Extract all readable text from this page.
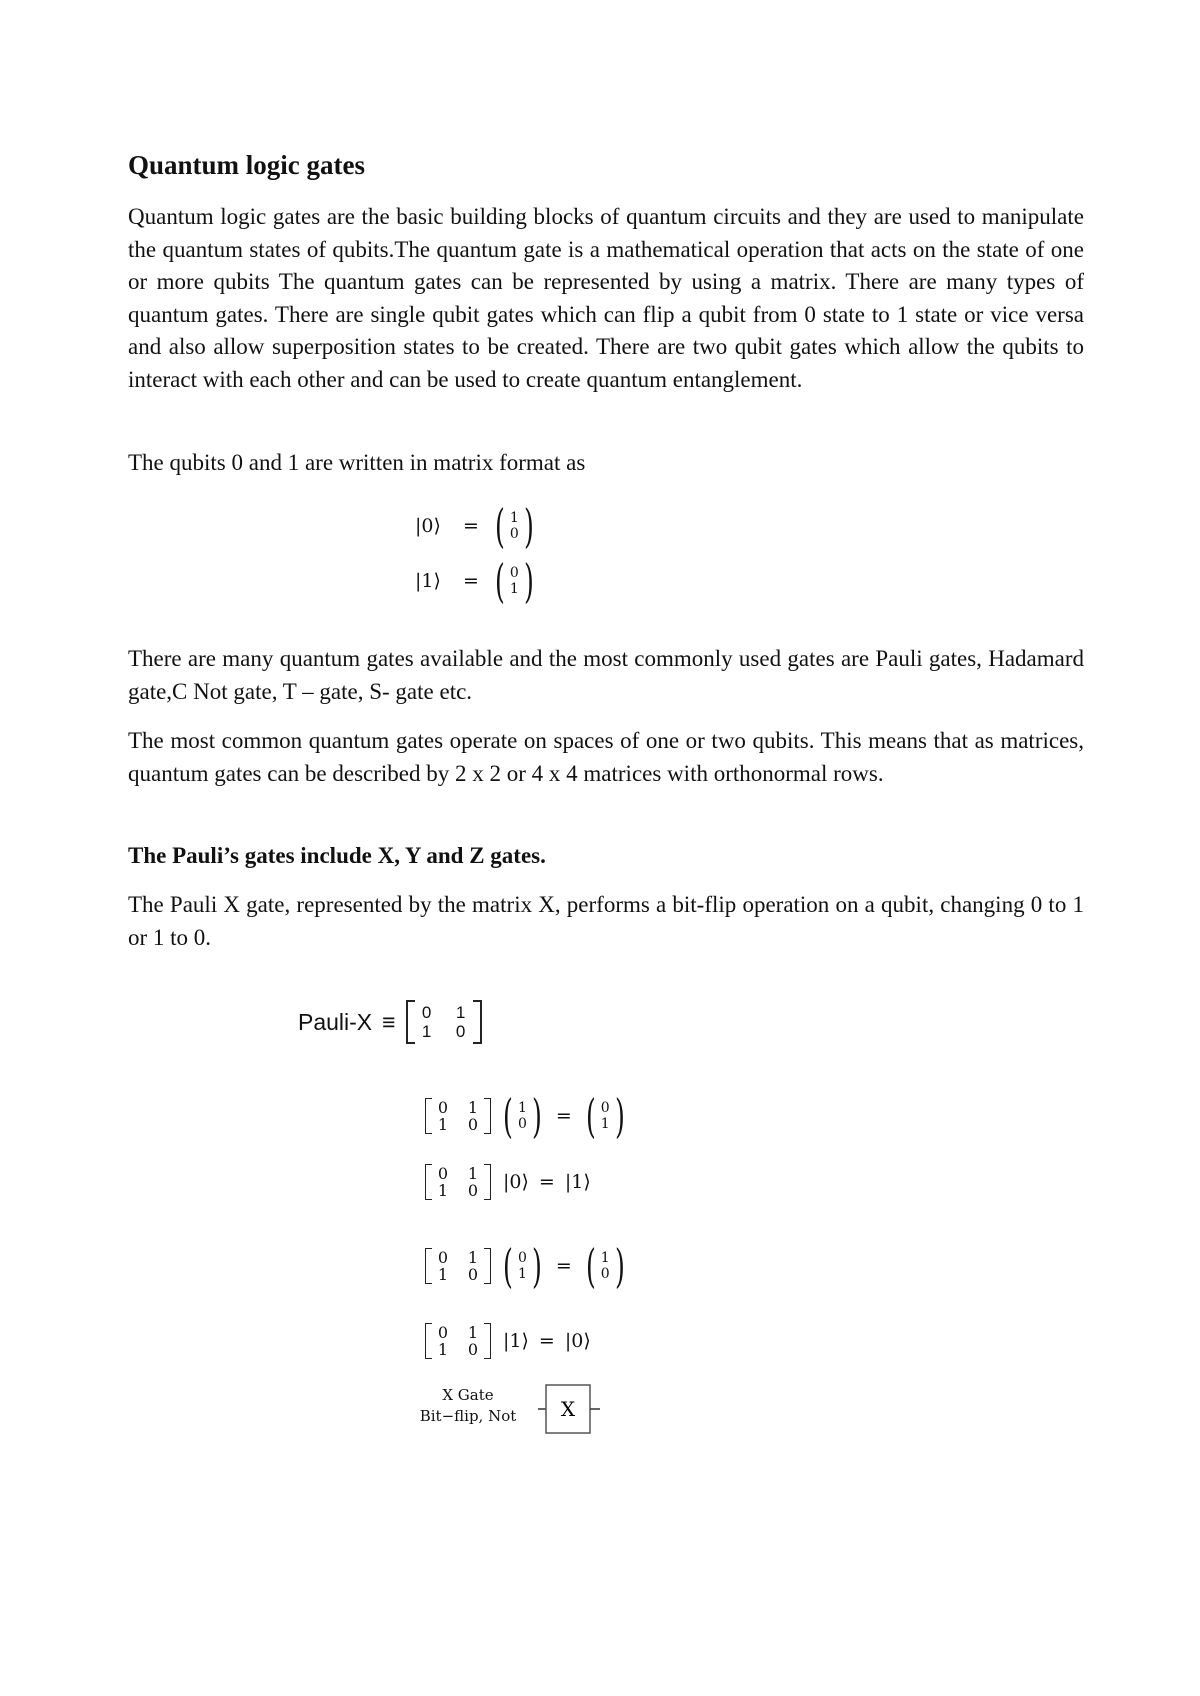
Quantum logic gates

Quantum logic gates are the basic building blocks of quantum circuits and they are used to manipulate the quantum states of qubits.The quantum gate is a mathematical operation that acts on the state of one or more qubits The quantum gates can be represented by using a matrix. There are many types of quantum gates. There are single qubit gates which can flip a qubit from 0 state to 1 state or vice versa and also allow superposition states to be created. There are two qubit gates which allow the qubits to interact with each other and can be used to create quantum entanglement.

The qubits 0 and 1 are written in matrix format as

|0⟩	= ( 1
0 )
|1⟩	= ( 0
1 )

There are many quantum gates available and the most commonly used gates are Pauli gates, Hadamard gate,C Not gate, T – gate, S- gate etc.

The most common quantum gates operate on spaces of one or two qubits. This means that as matrices, quantum gates can be described by 2 x 2 or 4 x 4 matrices with orthonormal rows.

The Pauli’s gates include X, Y and Z gates.

The Pauli X gate, represented by the matrix X, performs a bit-flip operation on a qubit, changing 0 to 1 or 1 to 0.

Pauli-X ≡	0	1
1	0
0	1
1	0 ( 1
0 ) = ( 0
1 )
0	1
1	0	|0⟩ = |1⟩
0	1
1	0 ( 0
1 ) = ( 1
0 )
0	1
1	0	|1⟩ = |0⟩
X Gate
Bit−flip, Not X
